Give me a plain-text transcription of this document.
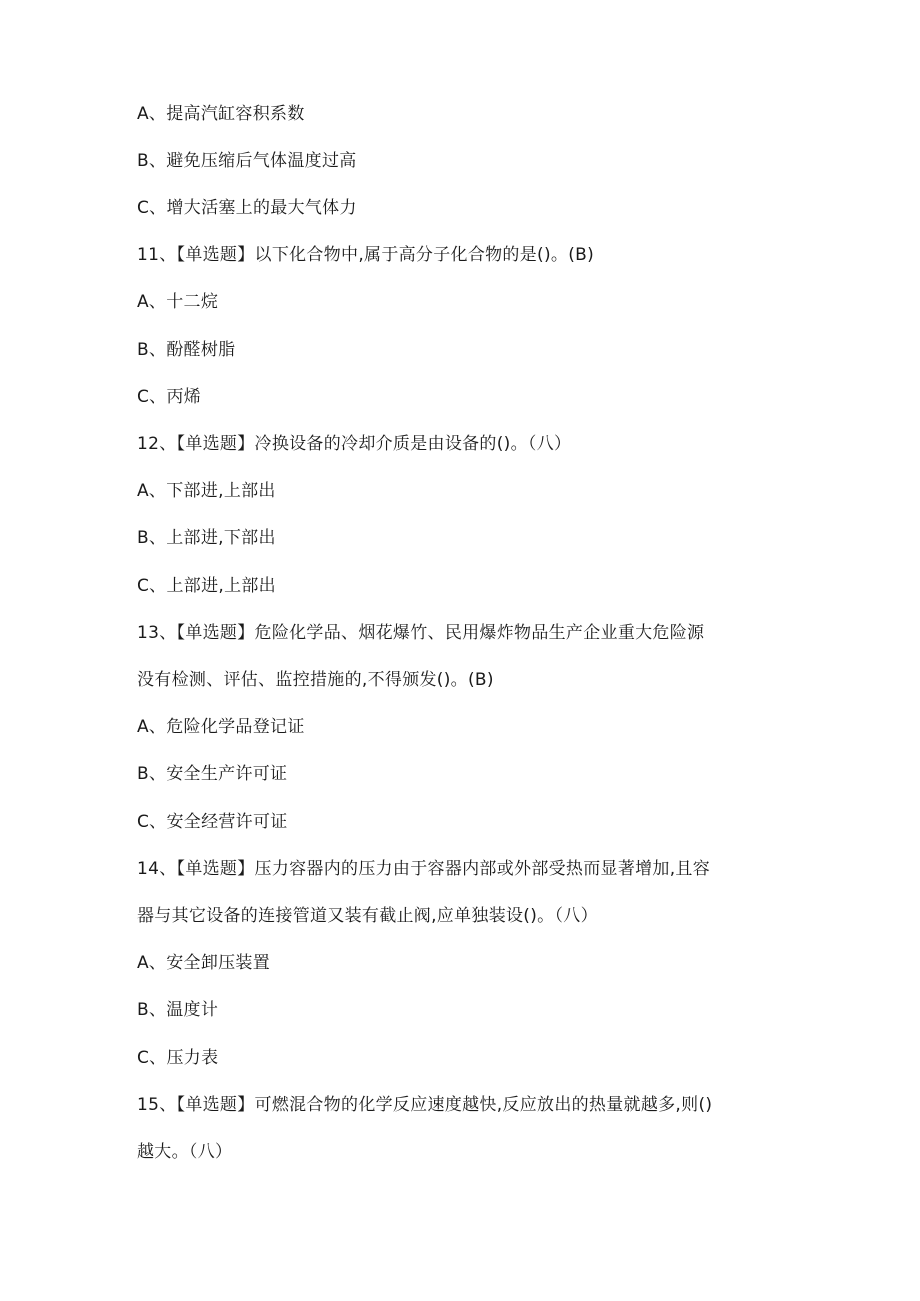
A、提高汽缸容积系数
B、避免压缩后气体温度过高
C、增大活塞上的最大气体力
11、【单选题】以下化合物中,属于高分子化合物的是()。(B)
A、十二烷
B、酚醛树脂
C、丙烯
12、【单选题】冷换设备的冷却介质是由设备的()。（八）
A、下部进,上部出
B、上部进,下部出
C、上部进,上部出
13、【单选题】危险化学品、烟花爆竹、民用爆炸物品生产企业重大危险源
没有检测、评估、监控措施的,不得颁发()。(B)
A、危险化学品登记证
B、安全生产许可证
C、安全经营许可证
14、【单选题】压力容器内的压力由于容器内部或外部受热而显著增加,且容
器与其它设备的连接管道又装有截止阀,应单独装设()。（八）
A、安全卸压装置
B、温度计
C、压力表
15、【单选题】可燃混合物的化学反应速度越快,反应放出的热量就越多,则()
越大。（八）
